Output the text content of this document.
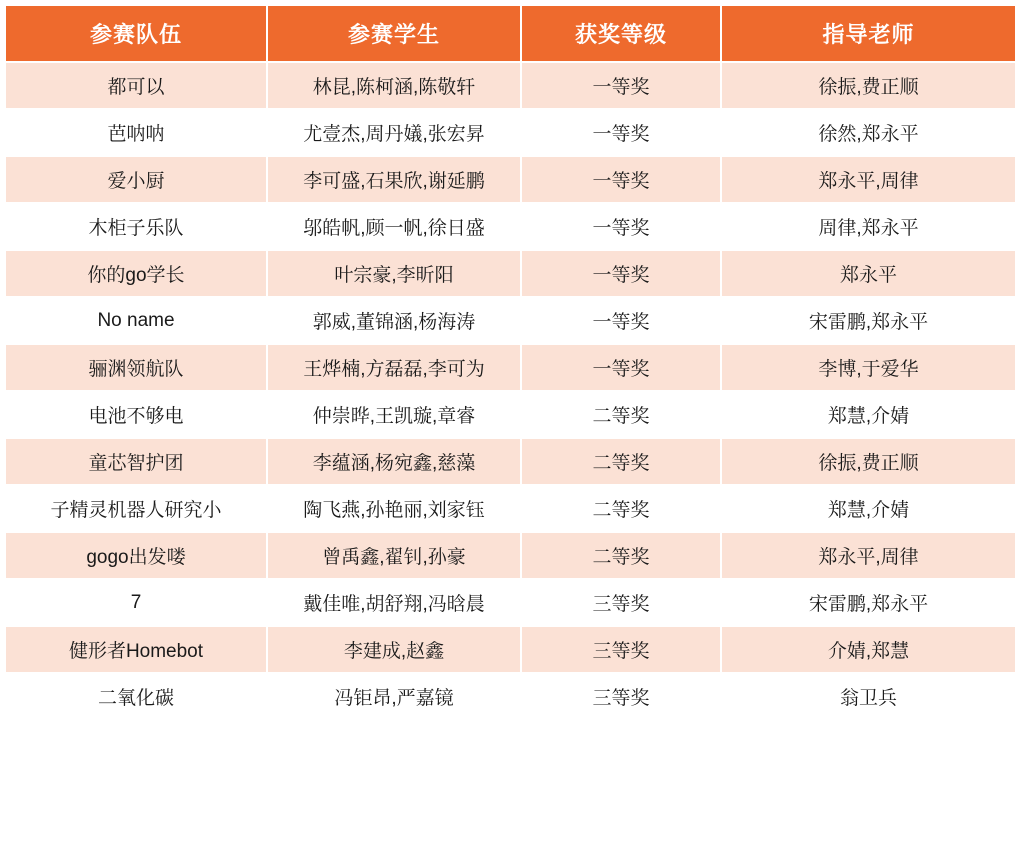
参赛队伍	参赛学生	获奖等级	指导老师
都可以	林昆,陈柯涵,陈敬轩	一等奖	徐振,费正顺
芭呐呐	尤壹杰,周丹嬟,张宏昇	一等奖	徐然,郑永平
爱小厨	李可盛,石果欣,谢延鹏	一等奖	郑永平,周律
木柜子乐队	邬皓帆,顾一帆,徐日盛	一等奖	周律,郑永平
你的go学长	叶宗豪,李昕阳	一等奖	郑永平
No name	郭威,董锦涵,杨海涛	一等奖	宋雷鹏,郑永平
骊渊领航队	王烨楠,方磊磊,李可为	一等奖	李博,于爱华
电池不够电	仲崇晔,王凯璇,章睿	二等奖	郑慧,介婧
童芯智护团	李蕴涵,杨宛鑫,慈藻	二等奖	徐振,费正顺
子精灵机器人研究小	陶飞燕,孙艳丽,刘家钰	二等奖	郑慧,介婧
gogo出发喽	曾禹鑫,翟钊,孙豪	二等奖	郑永平,周律
7	戴佳唯,胡舒翔,冯晗晨	三等奖	宋雷鹏,郑永平
健形者Homebot	李建成,赵鑫	三等奖	介婧,郑慧
二氧化碳	冯钜昂,严嘉镜	三等奖	翁卫兵
